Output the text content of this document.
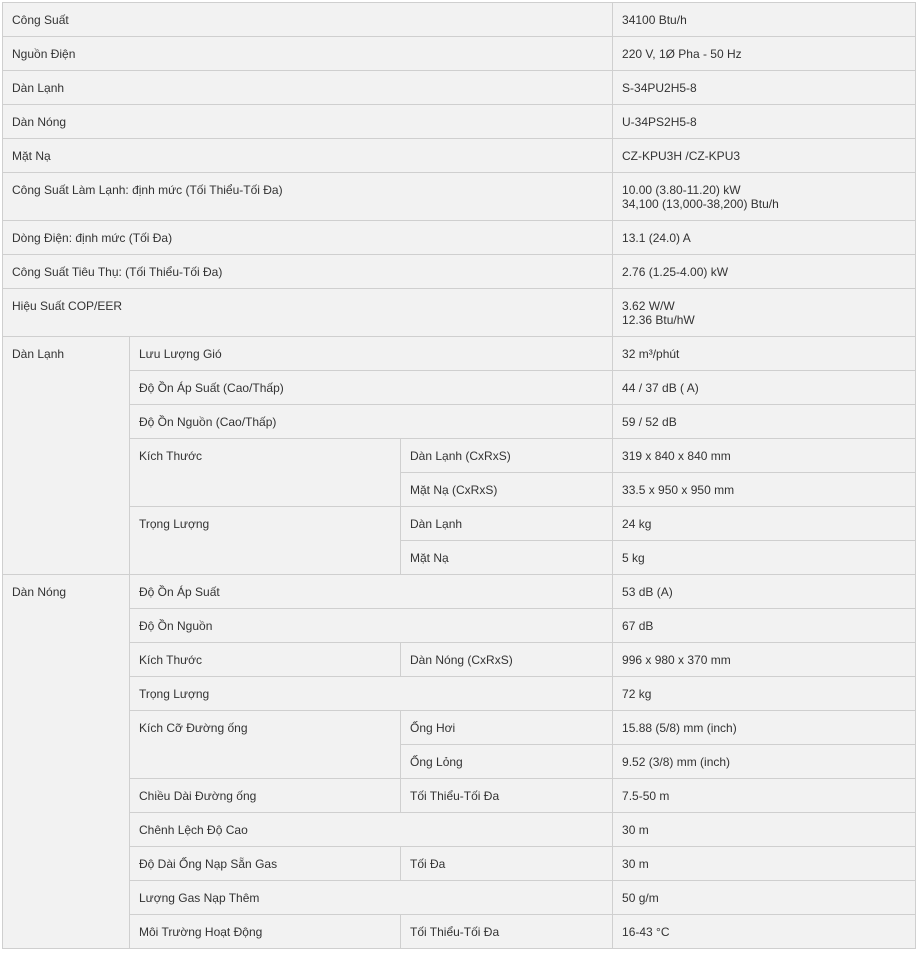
Công Suất			34100 Btu/h
Nguồn Điện			220 V, 1Ø Pha - 50 Hz
Dàn Lạnh			S-34PU2H5-8
Dàn Nóng			U-34PS2H5-8
Mặt Nạ			CZ-KPU3H /CZ-KPU3
Công Suất Làm Lạnh: định mức (Tối Thiểu-Tối Đa)			10.00 (3.80-11.20) kW
34,100 (13,000-38,200) Btu/h

Dòng Điện: định mức (Tối Đa)			13.1 (24.0) A
Công Suất Tiêu Thụ: (Tối Thiểu-Tối Đa)			2.76 (1.25-4.00) kW
Hiệu Suất COP/EER			3.62 W/W
12.36 Btu/hW

Dàn Lạnh	Lưu Lượng Gió		32 m³/phút
	Độ Ồn Áp Suất (Cao/Thấp)		44 / 37 dB ( A)
	Độ Ồn Nguồn (Cao/Thấp)		59 / 52 dB
	Kích Thước	Dàn Lạnh (CxRxS)	319 x 840 x 840 mm
		Mặt Nạ (CxRxS)	33.5 x 950 x 950 mm
	Trọng Lượng	Dàn Lạnh	24 kg
		Mặt Nạ	5 kg
Dàn Nóng	Độ Ồn Áp Suất		53 dB (A)
	Độ Ồn Nguồn		67 dB
	Kích Thước	Dàn Nóng (CxRxS)	996 x 980 x 370 mm
	Trọng Lượng		72 kg
	Kích Cỡ Đường ống	Ống Hơi	15.88 (5/8) mm (inch)
		Ống Lỏng	9.52 (3/8) mm (inch)
	Chiều Dài Đường ống	Tối Thiểu-Tối Đa	7.5-50 m
	Chênh Lệch Độ Cao		30 m
	Độ Dài Ống Nạp Sẵn Gas	Tối Đa	30 m
	Lượng Gas Nạp Thêm		50 g/m
	Môi Trường Hoạt Động	Tối Thiểu-Tối Đa	16-43 °C
